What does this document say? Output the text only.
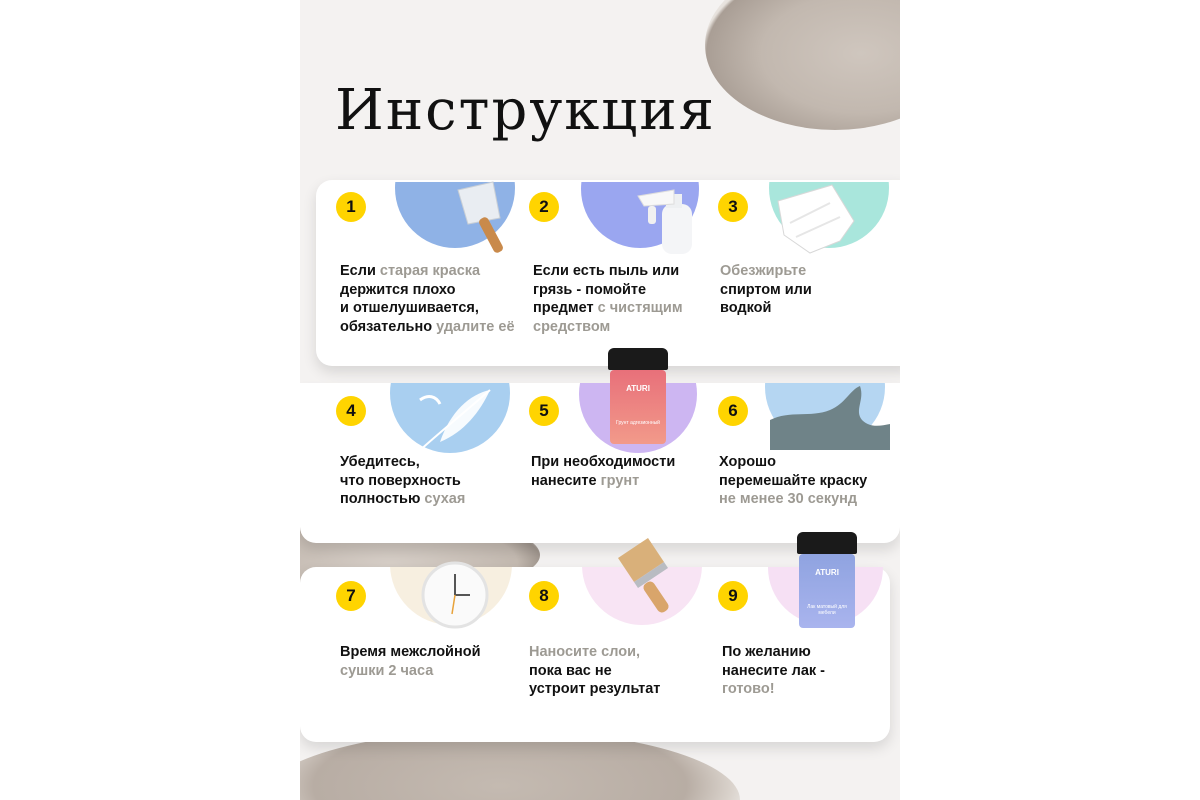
Инструкция
1
Если старая краска
держится плохо
и отшелушивается,
обязательно удалите её
2
Если есть пыль или
грязь - помойте
предмет с чистящим
средством
3
Обезжирьте
спиртом или
водкой
4
Убедитесь,
что поверхность
полностью сухая
ATURI
Грунт адгезионный
5
При необходимости
нанесите грунт
6
Хорошо
перемешайте краску
не менее 30 секунд
7
Время межслойной
сушки 2 часа
8
Наносите слои,
пока вас не
устроит результат
ATURI
Лак матовый для мебели
9
По желанию
нанесите лак -
готово!
